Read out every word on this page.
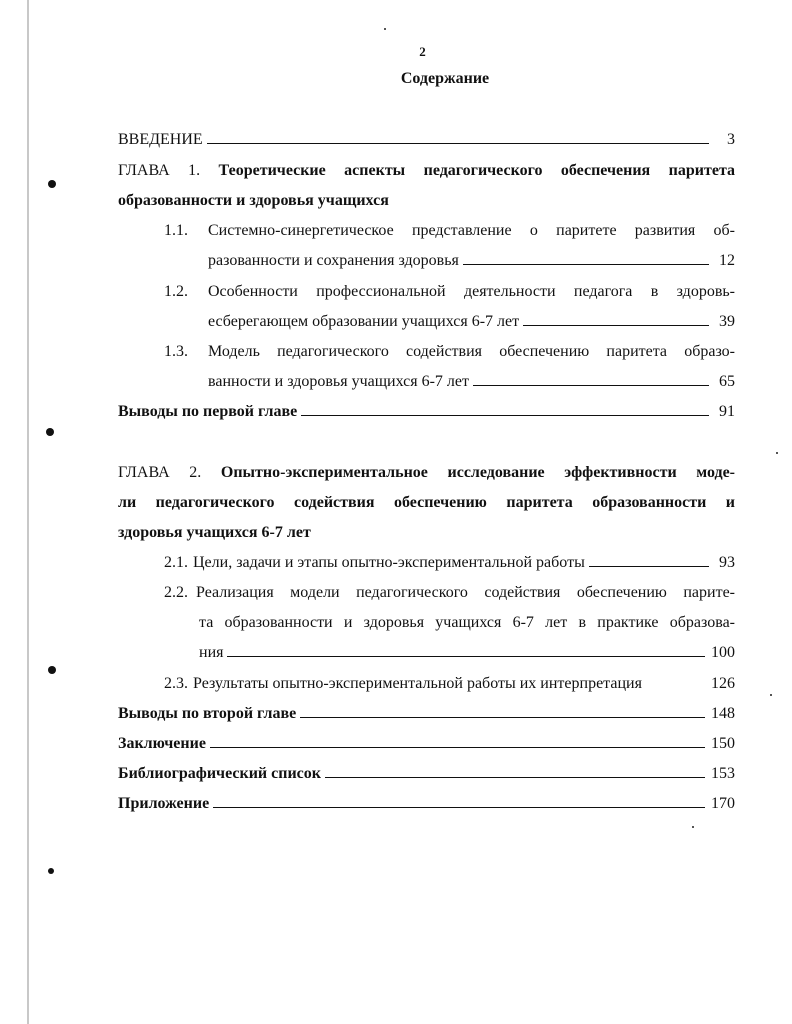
2
Содержание
ВВЕДЕНИЕ	3
ГЛАВА 1. Теоретические аспекты педагогического обеспечения паритета
образованности и здоровья учащихся
1.1. Системно-синергетическое представление о паритете развития об-
разованности и сохранения здоровья	12
1.2. Особенности профессиональной деятельности педагога в здоровь-
есберегающем образовании учащихся 6-7 лет	39
1.3. Модель педагогического содействия обеспечению паритета образо-
ванности и здоровья учащихся 6-7 лет	65
Выводы по первой главе	91
ГЛАВА 2. Опытно-экспериментальное исследование эффективности моде-
ли педагогического содействия обеспечению паритета образованности и
здоровья учащихся 6-7 лет
2.1. Цели, задачи и этапы опытно-экспериментальной работы	93
2.2. Реализация модели педагогического содействия обеспечению парите-
та образованности и здоровья учащихся 6-7 лет в практике образова-
ния	100
2.3. Результаты опытно-экспериментальной работы их интерпретация	126
Выводы по второй главе	148
Заключение	150
Библиографический список	153
Приложение	170
